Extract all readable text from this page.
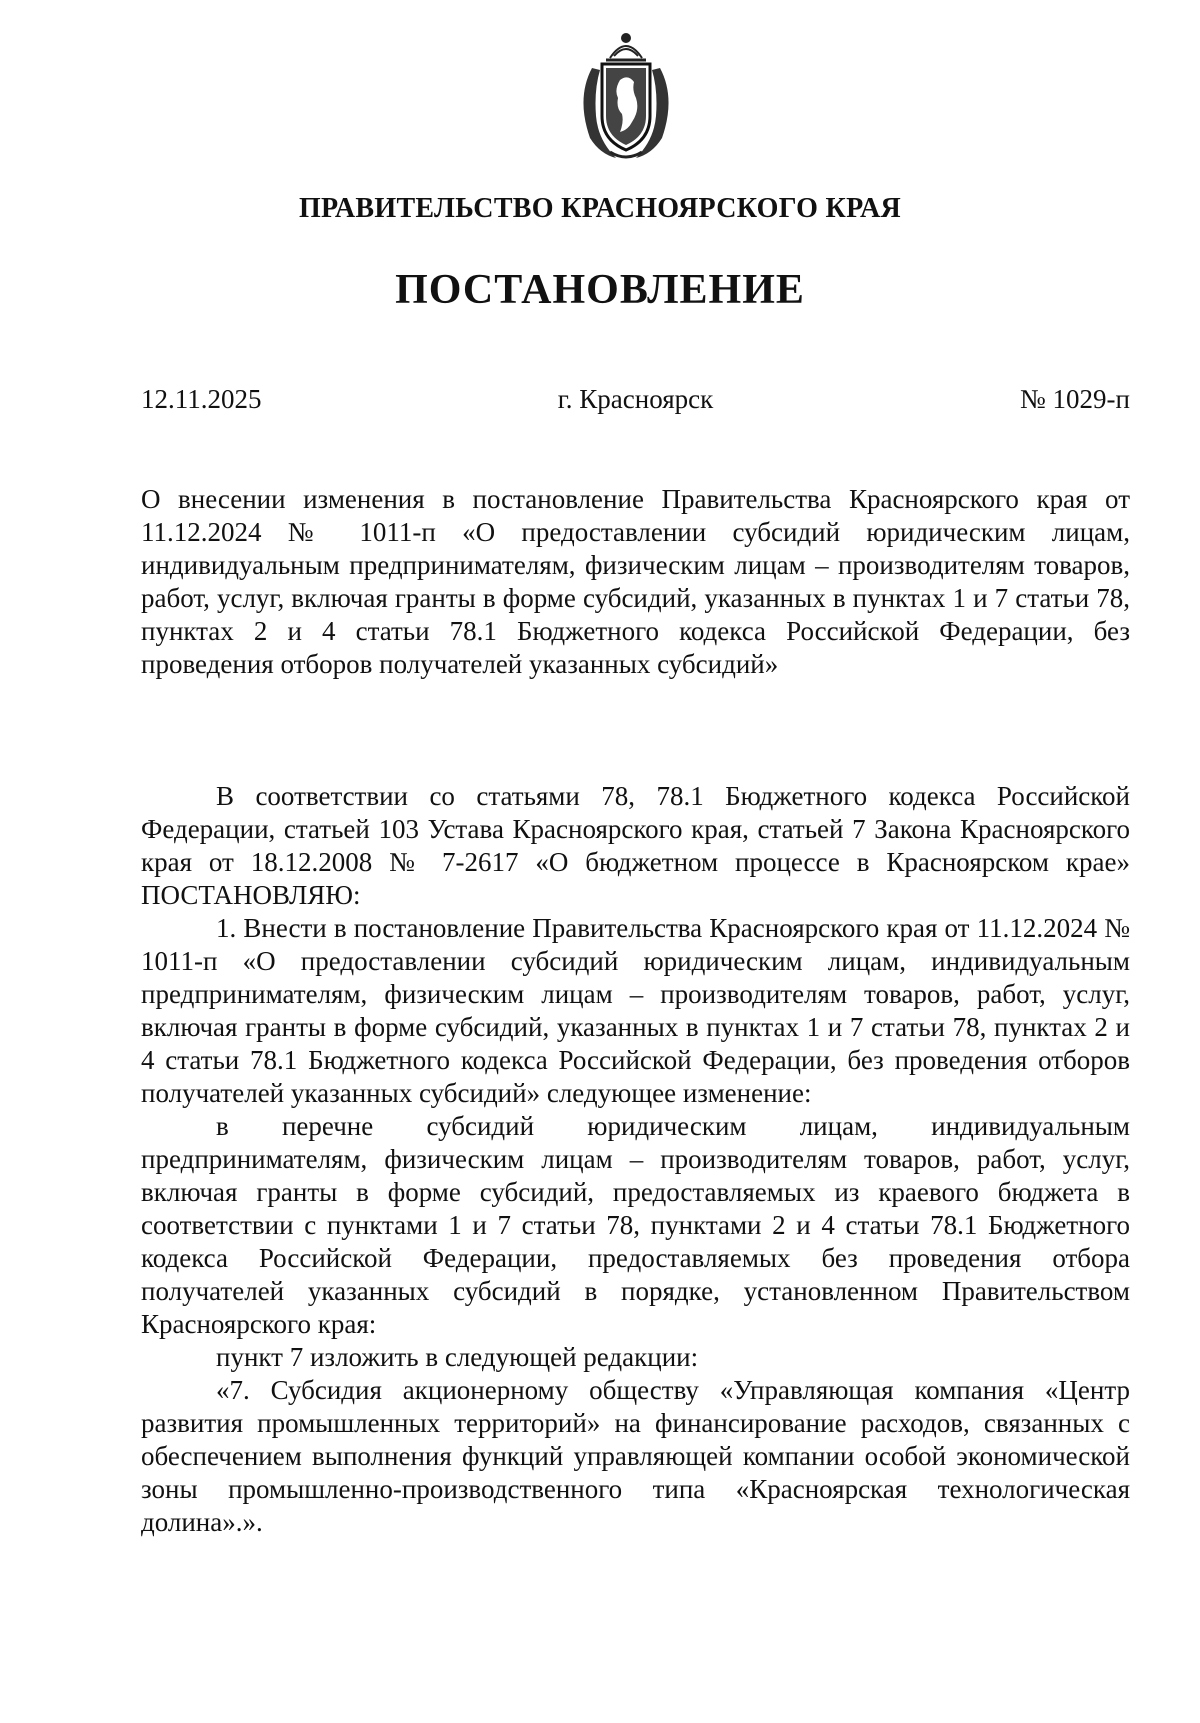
ПРАВИТЕЛЬСТВО КРАСНОЯРСКОГО КРАЯ
ПОСТАНОВЛЕНИЕ
12.11.2025	г. Красноярск	№ 1029-п
О внесении изменения в постановление Правительства Красноярского края от 11.12.2024 № 1011-п «О предоставлении субсидий юридическим лицам, индивидуальным предпринимателям, физическим лицам – производителям товаров, работ, услуг, включая гранты в форме субсидий, указанных в пунктах 1 и 7 статьи 78, пунктах 2 и 4 статьи 78.1 Бюджетного кодекса Российской Федерации, без проведения отборов получателей указанных субсидий»

В соответствии со статьями 78, 78.1 Бюджетного кодекса Российской Федерации, статьей 103 Устава Красноярского края, статьей 7 Закона Красноярского края от 18.12.2008 № 7-2617 «О бюджетном процессе в Красноярском крае» ПОСТАНОВЛЯЮ:

1. Внести в постановление Правительства Красноярского края от 11.12.2024 № 1011-п «О предоставлении субсидий юридическим лицам, индивидуальным предпринимателям, физическим лицам – производителям товаров, работ, услуг, включая гранты в форме субсидий, указанных в пунктах 1 и 7 статьи 78, пунктах 2 и 4 статьи 78.1 Бюджетного кодекса Российской Федерации, без проведения отборов получателей указанных субсидий» следующее изменение:

в перечне субсидий юридическим лицам, индивидуальным предпринимателям, физическим лицам – производителям товаров, работ, услуг, включая гранты в форме субсидий, предоставляемых из краевого бюджета в соответствии с пунктами 1 и 7 статьи 78, пунктами 2 и 4 статьи 78.1 Бюджетного кодекса Российской Федерации, предоставляемых без проведения отбора получателей указанных субсидий в порядке, установленном Правительством Красноярского края:

пункт 7 изложить в следующей редакции:

«7. Субсидия акционерному обществу «Управляющая компания «Центр развития промышленных территорий» на финансирование расходов, связанных с обеспечением выполнения функций управляющей компании особой экономической зоны промышленно-производственного типа «Красноярская технологическая долина».».
